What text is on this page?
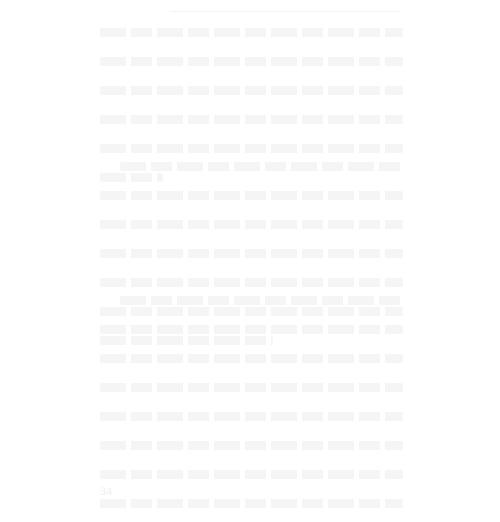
34
